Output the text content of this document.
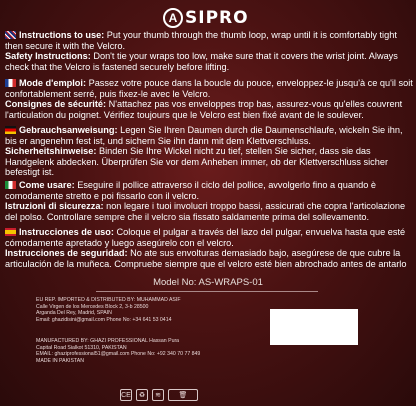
A SIPRO

Instructions to use: Put your thumb through the thumb loop, wrap until it is comfortably tight then secure it with the Velcro.

Safety Instructions: Don't tie your wraps too low, make sure that it covers the wrist joint. Always check that the Velcro is fastened securely before lifting.

Mode d'emploi: Passez votre pouce dans la boucle du pouce, enveloppez-le jusqu'à ce qu'il soit confortablement serré, puis fixez-le avec le Velcro.

Consignes de sécurité: N'attachez pas vos enveloppes trop bas, assurez-vous qu'elles couvrent l'articulation du poignet. Vérifiez toujours que le Velcro est bien fixé avant de le soulever.

Gebrauchsanweisung: Legen Sie Ihren Daumen durch die Daumenschlaufe, wickeln Sie ihn, bis er angenehm fest ist, und sichern Sie ihn dann mit dem Klettverschluss.

Sicherheitshinweise: Binden Sie Ihre Wickel nicht zu tief, stellen Sie sicher, dass sie das Handgelenk abdecken. Überprüfen Sie vor dem Anheben immer, ob der Klettverschluss sicher befestigt ist.

Come usare: Eseguire il pollice attraverso il ciclo del pollice, avvolgerlo fino a quando è comodamente stretto e poi fissarlo con il velcro.

Istruzioni di sicurezza: non legare i tuoi involucri troppo bassi, assicurati che copra l'articolazione del polso. Controllare sempre che il velcro sia fissato saldamente prima del sollevamento.

Instrucciones de uso: Coloque el pulgar a través del lazo del pulgar, envuelva hasta que esté cómodamente apretado y luego asegúrelo con el velcro.

Instrucciones de seguridad: No ate sus envolturas demasiado bajo, asegúrese de que cubre la articulación de la muñeca. Compruebe siempre que el velcro esté bien abrochado antes de antarlo

Model No: AS-WRAPS-01

EU REP. IMPORTED & DISTRIBUTED BY: MUHAMMAD ASIF

Calle Virgen de los Mercedes Block 2, 3-b 28500

Arganda Del Rey, Madrid, SPAIN

Email: ghazidisini@gmail.com Phone No: +34 641 53 0414

MANUFACTURED BY: GHAZI PROFESSIONAL Hassan Pura

Capital Road Sialkot 51310, PAKISTAN

EMAIL: ghaziprofessional51@gmail.com Phone No: +92 340 70 77 849

MADE IN PAKISTAN

CE	♻	≋	🗑
